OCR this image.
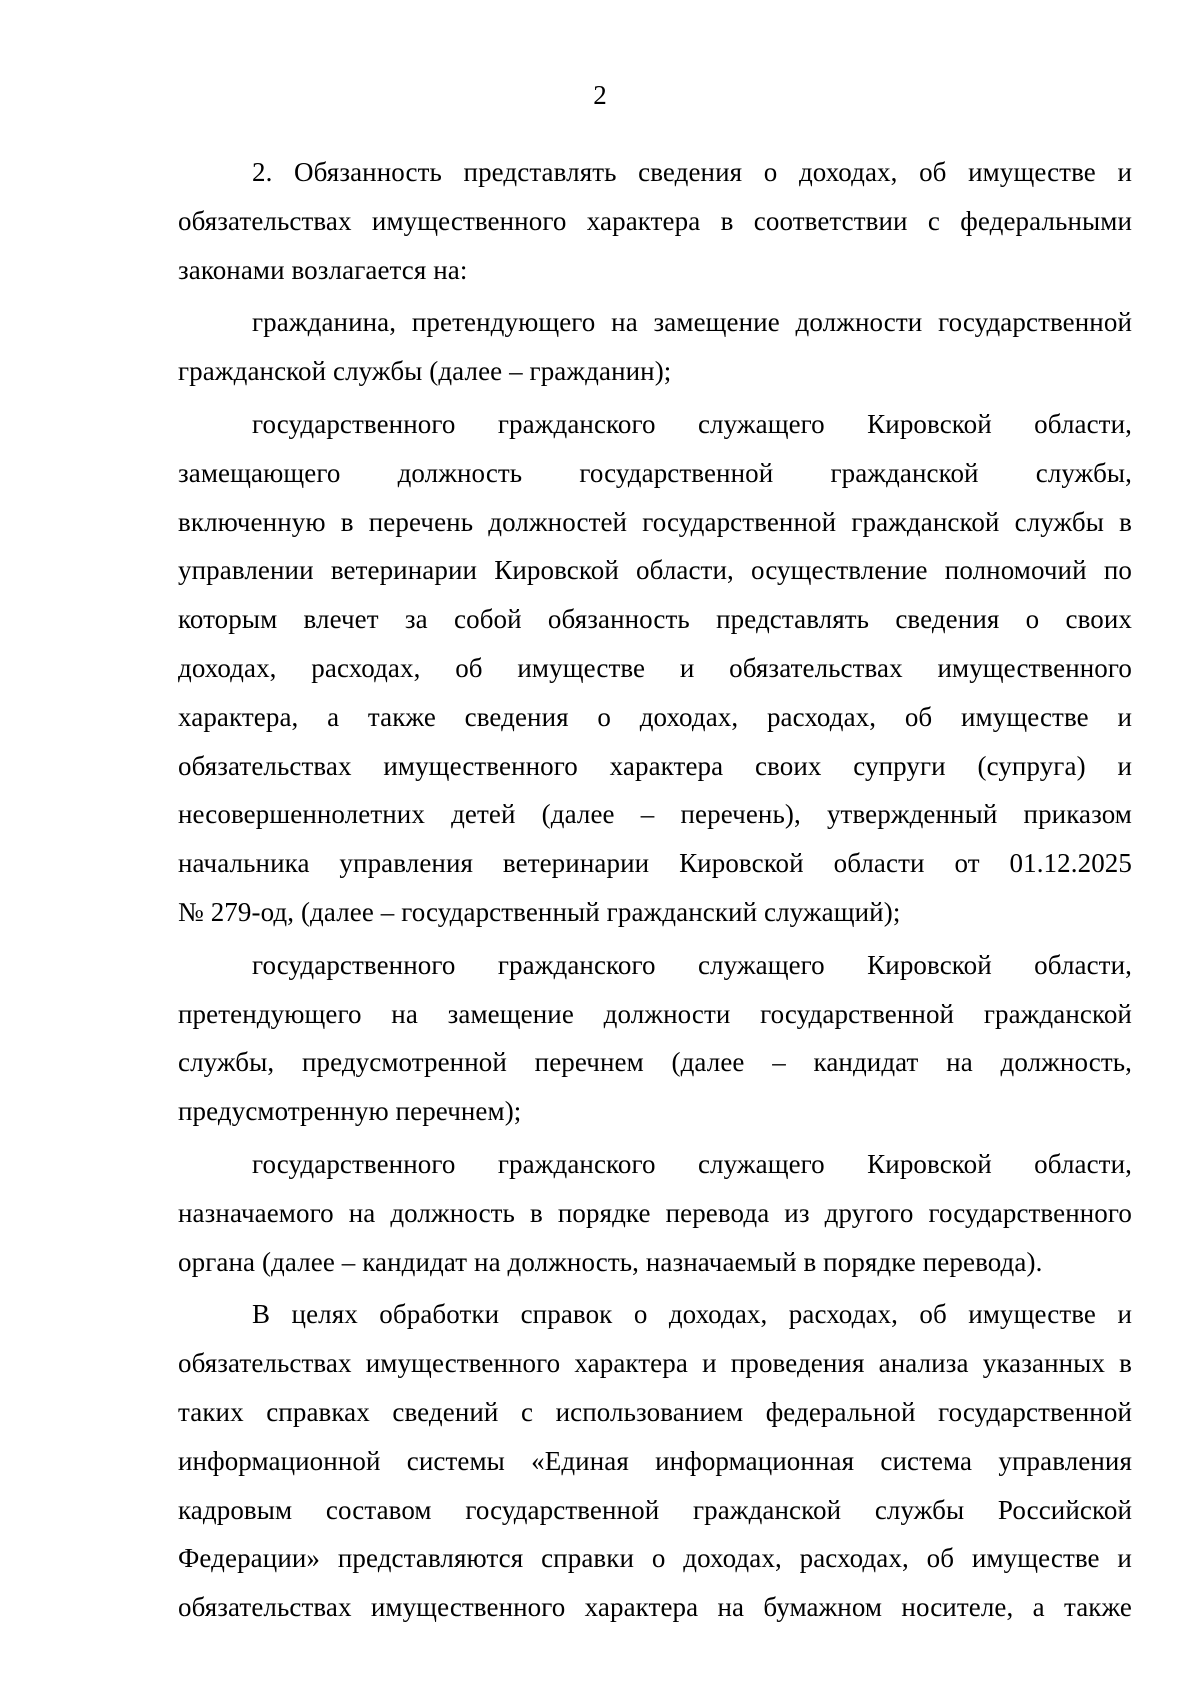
2

2. Обязанность представлять сведения о доходах, об имуществе и
обязательствах имущественного характера в соответствии с федеральными
законами возлагается на:

гражданина, претендующего на замещение должности государственной
гражданской службы (далее – гражданин);

государственного гражданского служащего Кировской области,
замещающего должность государственной гражданской службы,
включенную в перечень должностей государственной гражданской службы в
управлении ветеринарии Кировской области, осуществление полномочий по
которым влечет за собой обязанность представлять сведения о своих
доходах, расходах, об имуществе и обязательствах имущественного
характера, а также сведения о доходах, расходах, об имуществе и
обязательствах имущественного характера своих супруги (супруга) и
несовершеннолетних детей (далее – перечень), утвержденный приказом
начальника управления ветеринарии Кировской области от 01.12.2025
№ 279-од, (далее – государственный гражданский служащий);

государственного гражданского служащего Кировской области,
претендующего на замещение должности государственной гражданской
службы, предусмотренной перечнем (далее – кандидат на должность,
предусмотренную перечнем);

государственного гражданского служащего Кировской области,
назначаемого на должность в порядке перевода из другого государственного
органа (далее – кандидат на должность, назначаемый в порядке перевода).

В целях обработки справок о доходах, расходах, об имуществе и
обязательствах имущественного характера и проведения анализа указанных в
таких справках сведений с использованием федеральной государственной
информационной системы «Единая информационная система управления
кадровым составом государственной гражданской службы Российской
Федерации» представляются справки о доходах, расходах, об имуществе и
обязательствах имущественного характера на бумажном носителе, а также
